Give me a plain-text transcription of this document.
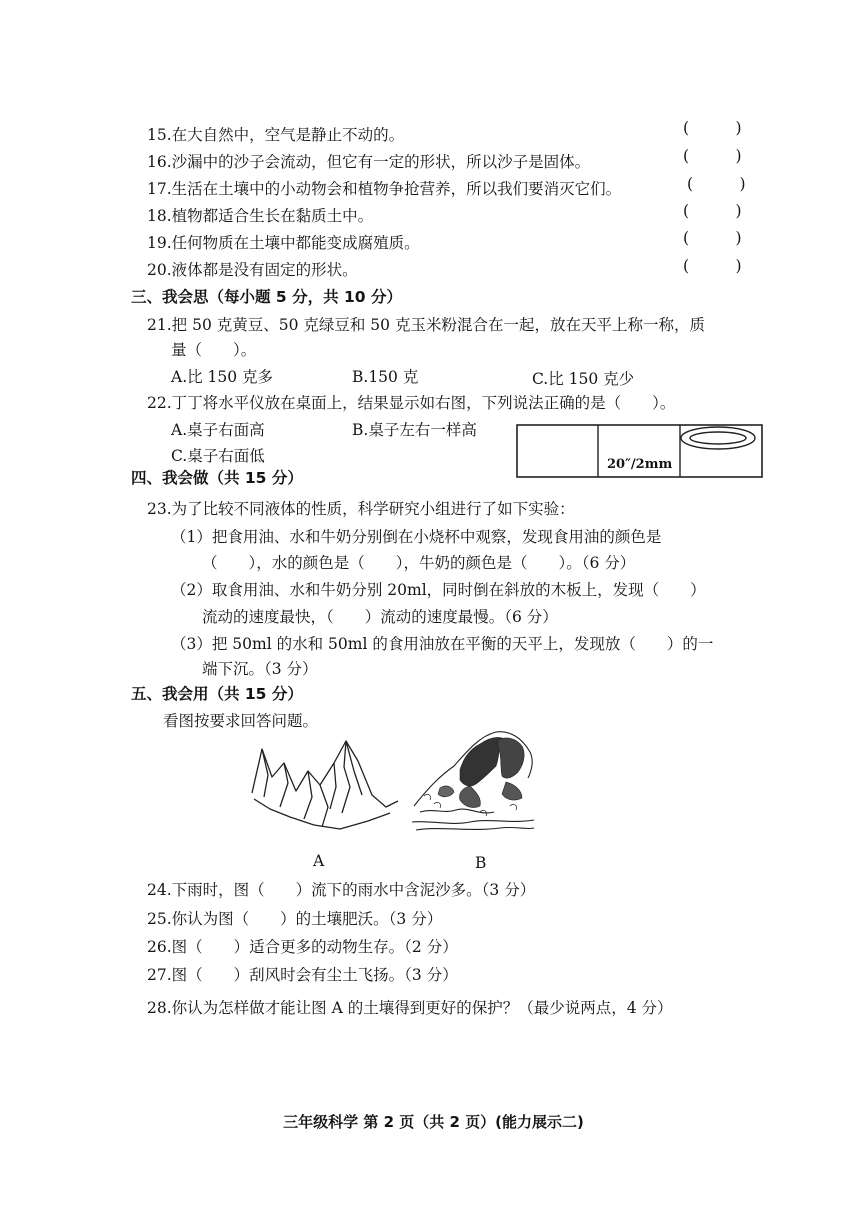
15.在大自然中，空气是静止不动的。	(　　　)
16.沙漏中的沙子会流动，但它有一定的形状，所以沙子是固体。	(　　　)
17.生活在土壤中的小动物会和植物争抢营养，所以我们要消灭它们。	(　　　)
18.植物都适合生长在黏质土中。	(　　　)
19.任何物质在土壤中都能变成腐殖质。	(　　　)
20.液体都是没有固定的形状。	(　　　)
三、我会思（每小题 5 分，共 10 分）
21.把 50 克黄豆、50 克绿豆和 50 克玉米粉混合在一起，放在天平上称一称，质
量（　　）。
A.比 150 克多	B.150 克	C.比 150 克少
22.丁丁将水平仪放在桌面上，结果显示如右图，下列说法正确的是（　　）。
A.桌子右面高	B.桌子左右一样高
C.桌子右面低	20″/2mm
四、我会做（共 15 分）
23.为了比较不同液体的性质，科学研究小组进行了如下实验：
（1）把食用油、水和牛奶分别倒在小烧杯中观察，发现食用油的颜色是
（　　），水的颜色是（　　），牛奶的颜色是（　　）。（6 分）
（2）取食用油、水和牛奶分别 20ml，同时倒在斜放的木板上，发现（　　）
流动的速度最快，（　　）流动的速度最慢。（6 分）
（3）把 50ml 的水和 50ml 的食用油放在平衡的天平上，发现放（　　）的一
端下沉。（3 分）
五、我会用（共 15 分）
看图按要求回答问题。
A	B
24.下雨时，图（　　）流下的雨水中含泥沙多。（3 分）
25.你认为图（　　）的土壤肥沃。（3 分）
26.图（　　）适合更多的动物生存。（2 分）
27.图（　　）刮风时会有尘土飞扬。（3 分）
28.你认为怎样做才能让图 A 的土壤得到更好的保护？（最少说两点，4 分）
三年级科学 第 2 页（共 2 页）(能力展示二)
